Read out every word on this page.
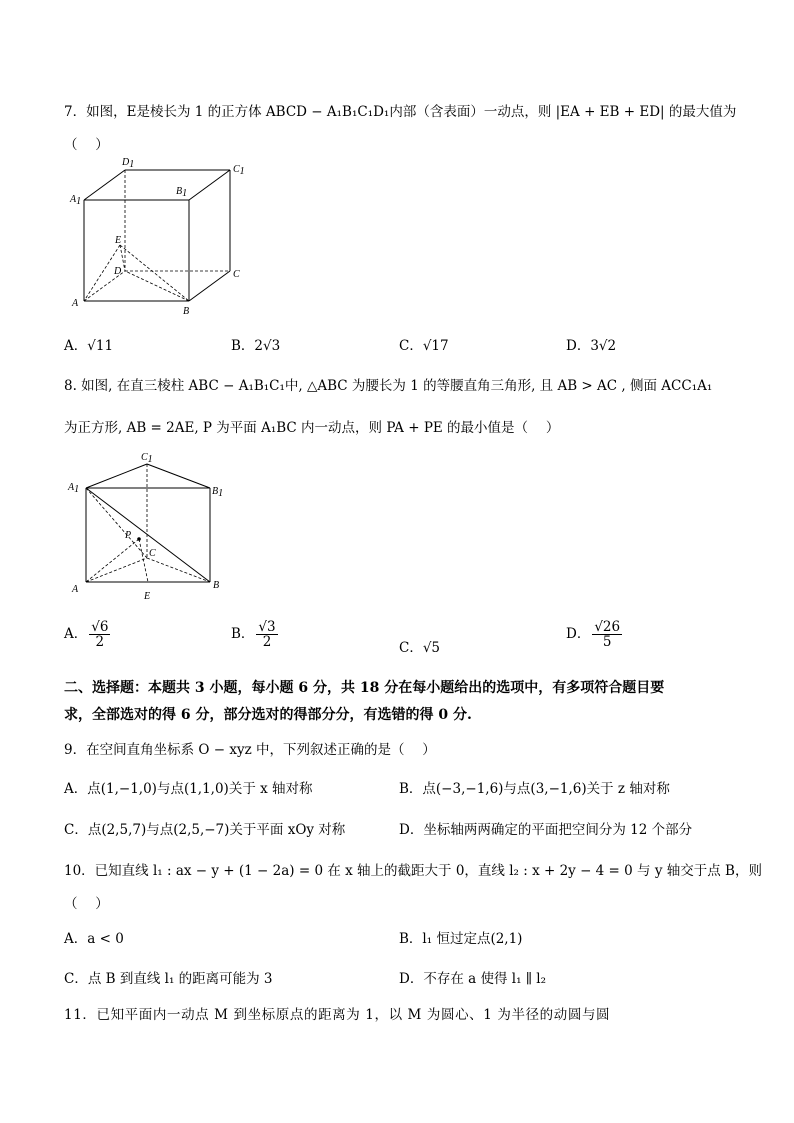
7．如图，E是棱长为 1 的正方体 ABCD − A₁B₁C₁D₁内部（含表面）一动点，则 |EA + EB + ED| 的最大值为
（　 ）
D1	C1
A1
B1
E
D	C
A
B
A．√11	B．2√3	C．√17	D．3√2
8. 如图, 在直三棱柱 ABC − A₁B₁C₁中, △ABC 为腰长为 1 的等腰直角三角形, 且 AB > AC , 侧面 ACC₁A₁
为正方形, AB = 2AE, P 为平面 A₁BC 内一动点，则 PA + PE 的最小值是（　 ）
C1
A1	B1
P
C
A
E
B
A． $\frac{√6}{2}$	B． $\frac{√3}{2}$	C．√5
D． $\frac{√26}{5}$
二、选择题：本题共 3 小题，每小题 6 分，共 18 分在每小题给出的选项中，有多项符合题目要
求，全部选对的得 6 分，部分选对的得部分分，有选错的得 0 分.
9．在空间直角坐标系 O − xyz 中，下列叙述正确的是（　 ）
A．点(1,−1,0)与点(1,1,0)关于 x 轴对称	B．点(−3,−1,6)与点(3,−1,6)关于 z 轴对称
C．点(2,5,7)与点(2,5,−7)关于平面 xOy 对称	D．坐标轴两两确定的平面把空间分为 12 个部分
10．已知直线 l₁ : ax − y + (1 − 2a) = 0 在 x 轴上的截距大于 0，直线 l₂ : x + 2y − 4 = 0 与 y 轴交于点 B，则
（　 ）
A．a < 0	B．l₁ 恒过定点(2,1)
C．点 B 到直线 l₁ 的距离可能为 3	D．不存在 a 使得 l₁ ∥ l₂
11．已知平面内一动点 M 到坐标原点的距离为 1，以 M 为圆心、1 为半径的动圆与圆
